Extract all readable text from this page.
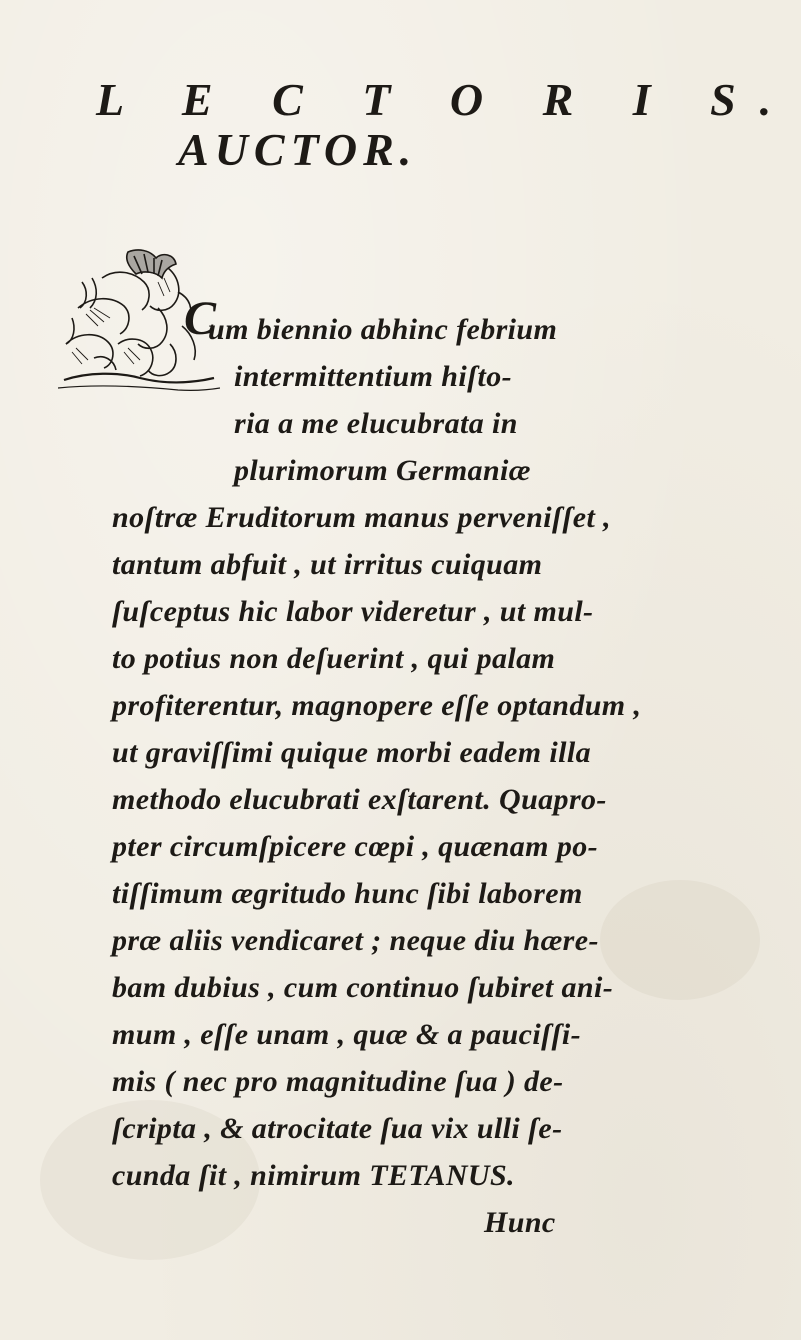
L E C T O R I S.
AUCTOR.
C
um biennio abhinc febrium
intermittentium hiſto-
ria a me elucubrata in
plurimorum Germaniæ
noſtræ Eruditorum manus perveniſſet ,
tantum abfuit , ut irritus cuiquam
ſuſceptus hic labor videretur , ut mul-
to potius non deſuerint , qui palam
profiterentur, magnopere eſſe optandum ,
ut graviſſimi quique morbi eadem illa
methodo elucubrati exſtarent. Quapro-
pter circumſpicere cœpi , quænam po-
tiſſimum ægritudo hunc ſibi laborem
præ aliis vendicaret ; neque diu hære-
bam dubius , cum continuo ſubiret ani-
mum , eſſe unam , quæ & a pauciſſi-
mis ( nec pro magnitudine ſua ) de-
ſcripta , & atrocitate ſua vix ulli ſe-
cunda ſit , nimirum TETANUS.
Hunc
